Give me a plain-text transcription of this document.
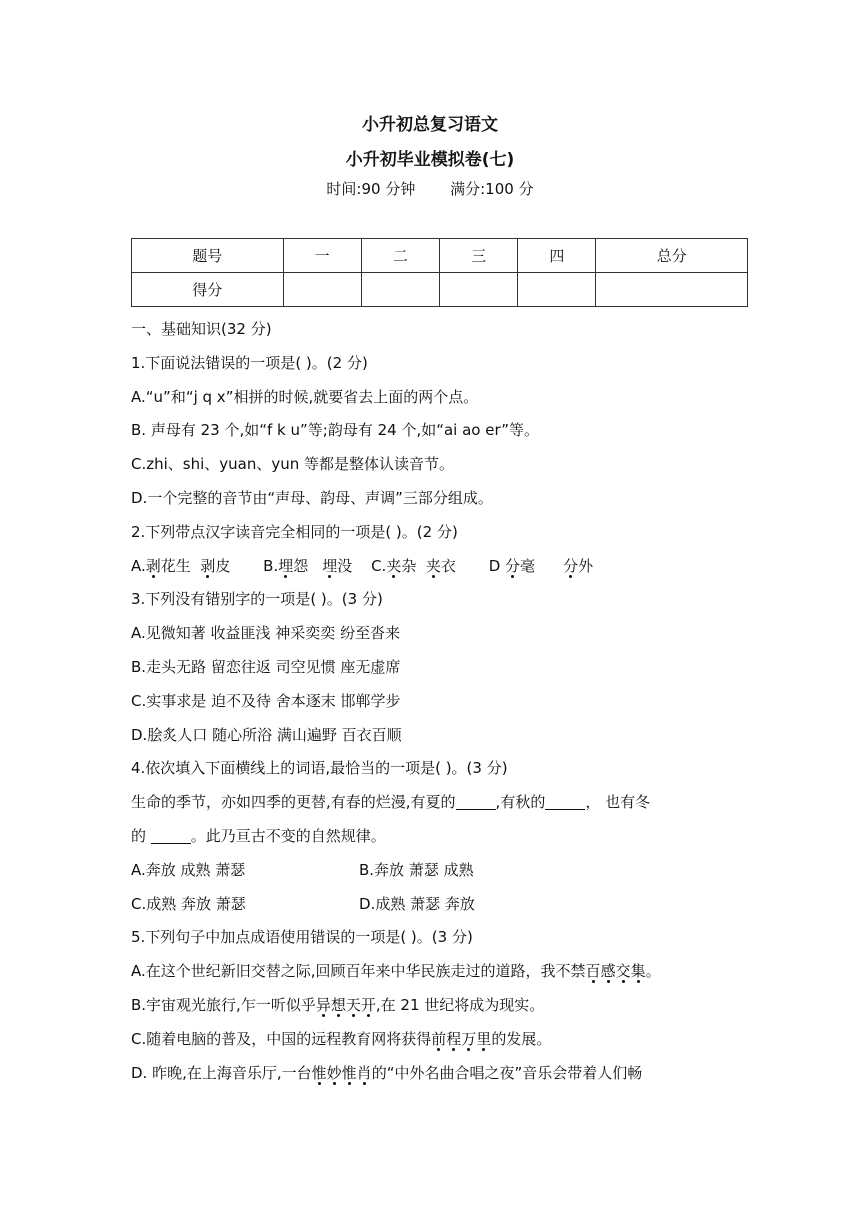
小升初总复习语文
小升初毕业模拟卷(七)
时间:90 分钟 满分:100 分
题号	一	二	三	四	总分
得分					
一、基础知识(32 分)
1.下面说法错误的一项是( )。(2 分)
A.“u”和“j q x”相拼的时候,就要省去上面的两个点。
B. 声母有 23 个,如“f k u”等;韵母有 24 个,如“ai ao er”等。
C.zhi、shi、yuan、yun 等都是整体认读音节。
D.一个完整的音节由“声母、韵母、声调”三部分组成。
2.下列带点汉字读音完全相同的一项是( )。(2 分)
A.剥花生 剥皮 B.埋怨 埋没 C.夹杂 夹衣 D 分毫 分外
3.下列没有错别字的一项是( )。(3 分)
A.见微知著 收益匪浅 神采奕奕 纷至沓来
B.走头无路 留恋往返 司空见惯 座无虚席
C.实事求是 迫不及待 舍本逐末 邯郸学步
D.脍炙人口 随心所浴 满山遍野 百衣百顺
4.依次填入下面横线上的词语,最恰当的一项是( )。(3 分)
生命的季节，亦如四季的更替,有春的烂漫,有夏的	,有秋的	， 也有冬
的	。此乃亘古不变的自然规律。
A.奔放 成熟 萧瑟	B.奔放 萧瑟 成熟
C.成熟 奔放 萧瑟	D.成熟 萧瑟 奔放
5.下列句子中加点成语使用错误的一项是( )。(3 分)
A.在这个世纪新旧交替之际,回顾百年来中华民族走过的道路，我不禁百感交集。
B.宇宙观光旅行,乍一听似乎异想天开,在 21 世纪将成为现实。
C.随着电脑的普及，中国的远程教育网将获得前程万里的发展。
D. 昨晚,在上海音乐厅,一台惟妙惟肖的“中外名曲合唱之夜”音乐会带着人们畅
